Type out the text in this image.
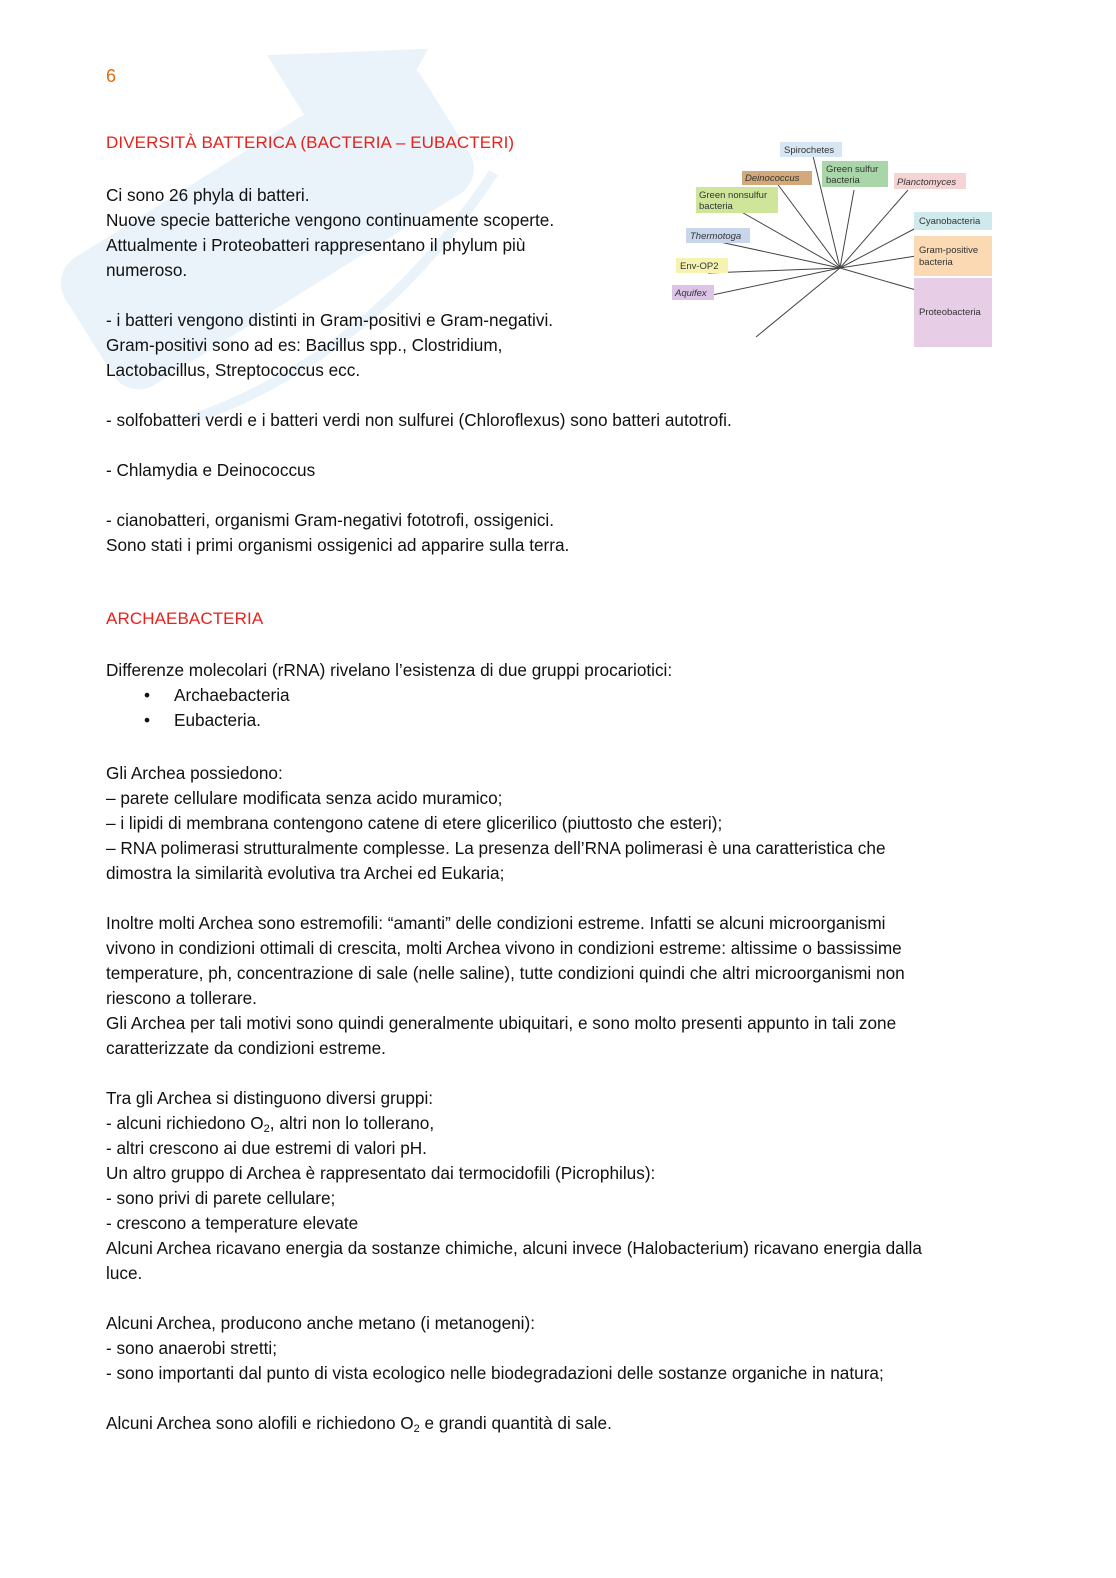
6
DIVERSITÀ BATTERICA (BACTERIA – EUBACTERI)

Ci sono 26 phyla di batteri.

Nuove specie batteriche vengono continuamente scoperte.

Attualmente i Proteobatteri rappresentano il phylum più

numeroso.

- i batteri vengono distinti in Gram-positivi e Gram-negativi.

Gram-positivi sono ad es: Bacillus spp., Clostridium,

Lactobacillus, Streptococcus ecc.

- solfobatteri verdi e i batteri verdi non sulfurei (Chloroflexus) sono batteri autotrofi.

- Chlamydia e Deinococcus

- cianobatteri, organismi Gram-negativi fototrofi, ossigenici.

Sono stati i primi organismi ossigenici ad apparire sulla terra.

Spirochetes
Deinococcus
Green sulfur
bacteria	Planctomyces
Green nonsulfur
bacteria
Cyanobacteria
Thermotoga
Gram-positive
bacteria
Env-OP2
Aquifex
Proteobacteria
ARCHAEBACTERIA

Differenze molecolari (rRNA) rivelano l’esistenza di due gruppi procariotici:

• Archaebacteria
• Eubacteria.

Gli Archea possiedono:

– parete cellulare modificata senza acido muramico;

– i lipidi di membrana contengono catene di etere glicerilico (piuttosto che esteri);

– RNA polimerasi strutturalmente complesse. La presenza dell’RNA polimerasi è una caratteristica che

dimostra la similarità evolutiva tra Archei ed Eukaria;

Inoltre molti Archea sono estremofili: “amanti” delle condizioni estreme. Infatti se alcuni microorganismi

vivono in condizioni ottimali di crescita, molti Archea vivono in condizioni estreme: altissime o bassissime

temperature, ph, concentrazione di sale (nelle saline), tutte condizioni quindi che altri microorganismi non

riescono a tollerare.

Gli Archea per tali motivi sono quindi generalmente ubiquitari, e sono molto presenti appunto in tali zone

caratterizzate da condizioni estreme.

Tra gli Archea si distinguono diversi gruppi:

- alcuni richiedono $O_2$, altri non lo tollerano,

- altri crescono ai due estremi di valori pH.

Un altro gruppo di Archea è rappresentato dai termocidofili (Picrophilus):

- sono privi di parete cellulare;

- crescono a temperature elevate

Alcuni Archea ricavano energia da sostanze chimiche, alcuni invece (Halobacterium) ricavano energia dalla

luce.

Alcuni Archea, producono anche metano (i metanogeni):

- sono anaerobi stretti;

- sono importanti dal punto di vista ecologico nelle biodegradazioni delle sostanze organiche in natura;

Alcuni Archea sono alofili e richiedono $O_2$ e grandi quantità di sale.
